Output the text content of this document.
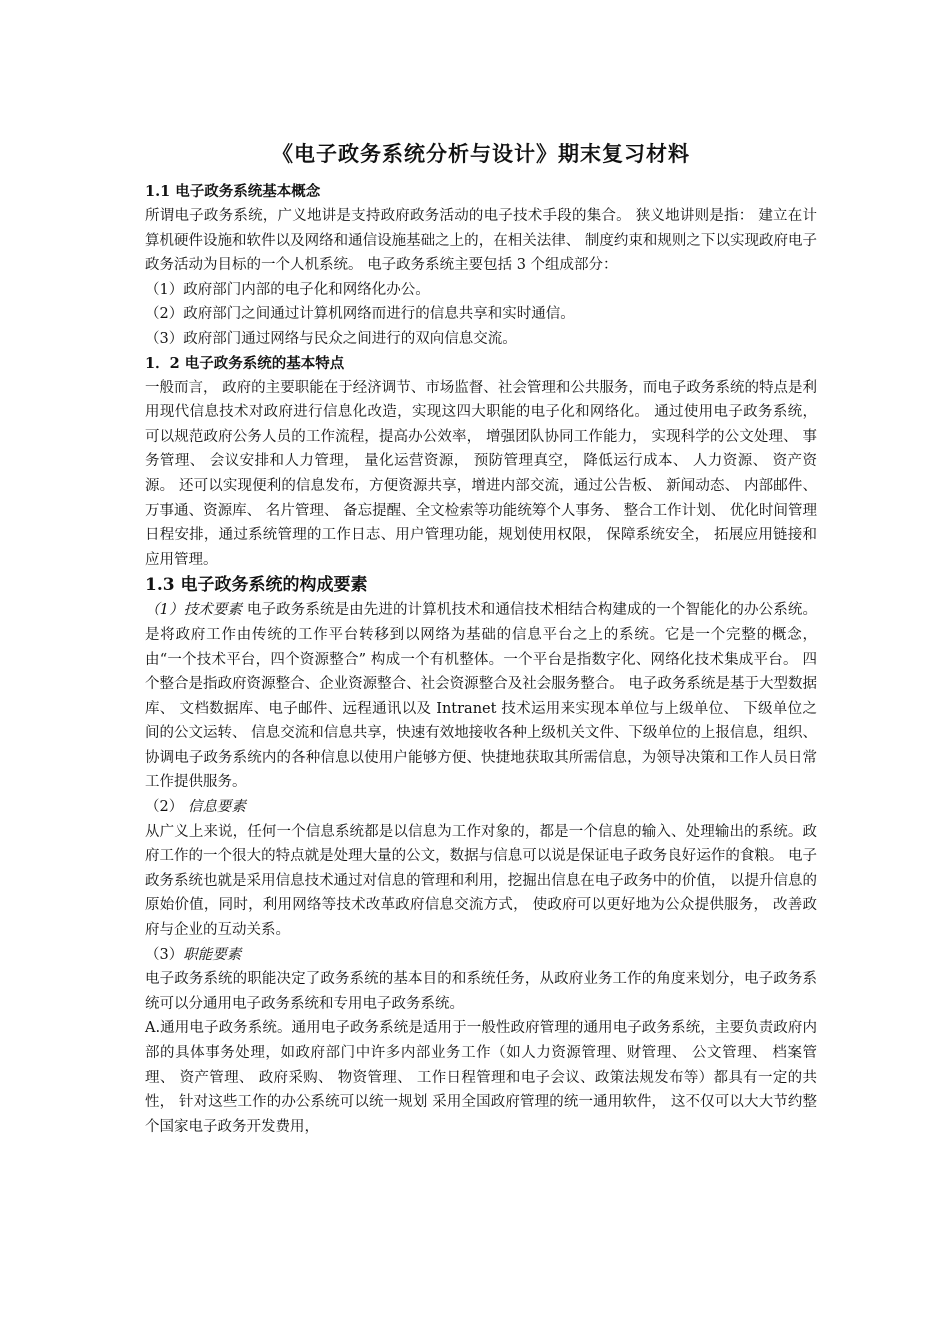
《电子政务系统分析与设计》期末复习材料
1.1 电子政务系统基本概念
所谓电子政务系统，广义地讲是支持政府政务活动的电子技术手段的集合。 狭义地讲则是指： 建立在计算机硬件设施和软件以及网络和通信设施基础之上的，在相关法律、 制度约束和规则之下以实现政府电子政务活动为目标的一个人机系统。 电子政务系统主要包括 3 个组成部分：
（1）政府部门内部的电子化和网络化办公。
（2）政府部门之间通过计算机网络而进行的信息共享和实时通信。
（3）政府部门通过网络与民众之间进行的双向信息交流。
1．2 电子政务系统的基本特点
一般而言， 政府的主要职能在于经济调节、市场监督、社会管理和公共服务，而电子政务系统的特点是利用现代信息技术对政府进行信息化改造，实现这四大职能的电子化和网络化。 通过使用电子政务系统， 可以规范政府公务人员的工作流程，提高办公效率， 增强团队协同工作能力， 实现科学的公文处理、 事务管理、 会议安排和人力管理， 量化运营资源， 预防管理真空， 降低运行成本、 人力资源、 资产资源。 还可以实现便利的信息发布，方便资源共享，增进内部交流，通过公告板、 新闻动态、 内部邮件、 万事通、资源库、 名片管理、 备忘提醒、全文检索等功能统筹个人事务、 整合工作计划、 优化时间管理日程安排，通过系统管理的工作日志、用户管理功能，规划使用权限， 保障系统安全， 拓展应用链接和应用管理。
1.3 电子政务系统的构成要素
（1）技术要素 电子政务系统是由先进的计算机技术和通信技术相结合构建成的一个智能化的办公系统。是将政府工作由传统的工作平台转移到以网络为基础的信息平台之上的系统。它是一个完整的概念，由“一个技术平台，四个资源整合” 构成一个有机整体。一个平台是指数字化、网络化技术集成平台。 四个整合是指政府资源整合、企业资源整合、社会资源整合及社会服务整合。 电子政务系统是基于大型数据库、 文档数据库、电子邮件、远程通讯以及 Intranet 技术运用来实现本单位与上级单位、 下级单位之间的公文运转、 信息交流和信息共享，快速有效地接收各种上级机关文件、下级单位的上报信息，组织、协调电子政务系统内的各种信息以使用户能够方便、快捷地获取其所需信息，为领导决策和工作人员日常工作提供服务。
（2） 信息要素
从广义上来说，任何一个信息系统都是以信息为工作对象的，都是一个信息的输入、处理输出的系统。政府工作的一个很大的特点就是处理大量的公文，数据与信息可以说是保证电子政务良好运作的食粮。 电子政务系统也就是采用信息技术通过对信息的管理和利用，挖掘出信息在电子政务中的价值， 以提升信息的原始价值，同时，利用网络等技术改革政府信息交流方式， 使政府可以更好地为公众提供服务， 改善政府与企业的互动关系。
（3）职能要素
电子政务系统的职能决定了政务系统的基本目的和系统任务，从政府业务工作的角度来划分，电子政务系统可以分通用电子政务系统和专用电子政务系统。
A.通用电子政务系统。通用电子政务系统是适用于一般性政府管理的通用电子政务系统，主要负责政府内部的具体事务处理，如政府部门中许多内部业务工作（如人力资源管理、财管理、 公文管理、 档案管理、 资产管理、 政府采购、 物资管理、 工作日程管理和电子会议、政策法规发布等）都具有一定的共性， 针对这些工作的办公系统可以统一规划 采用全国政府管理的统一通用软件， 这不仅可以大大节约整个国家电子政务开发费用，
